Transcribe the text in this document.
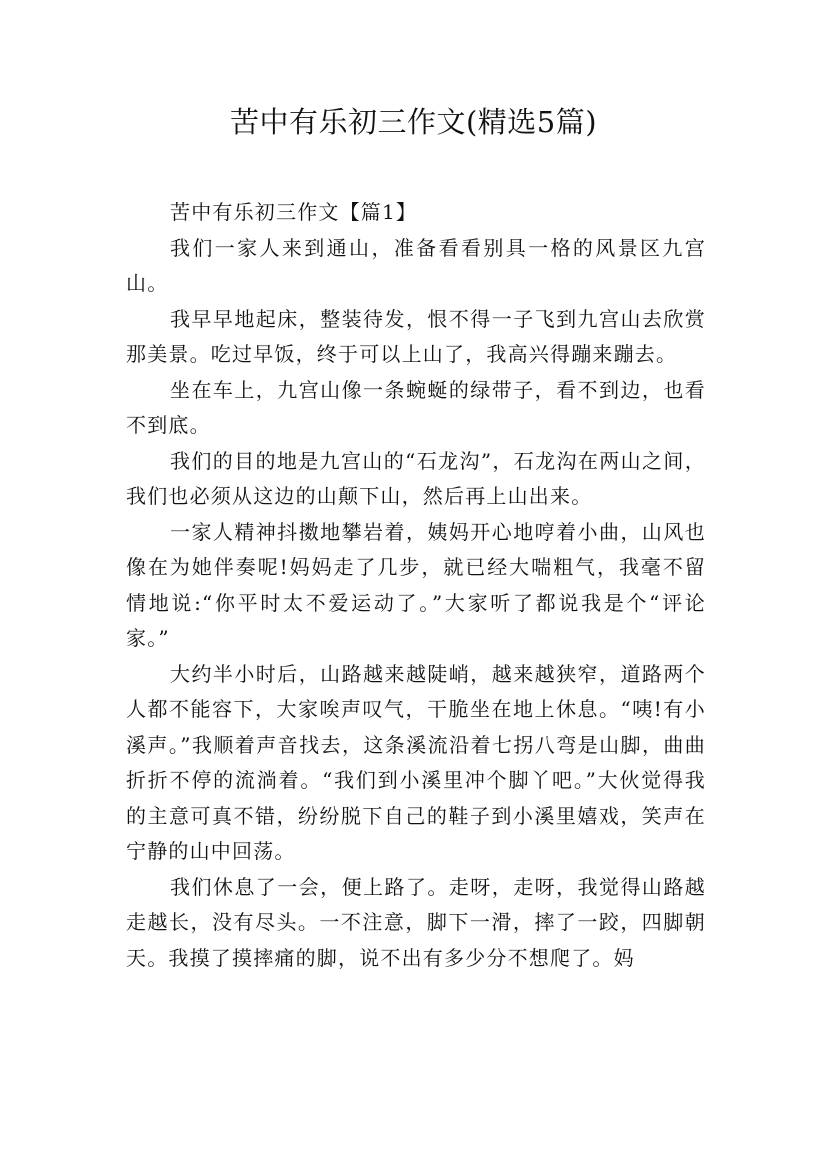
苦中有乐初三作文(精选5篇)

苦中有乐初三作文【篇1】

我们一家人来到通山，准备看看别具一格的风景区九宫山。

我早早地起床，整装待发，恨不得一子飞到九宫山去欣赏那美景。吃过早饭，终于可以上山了，我高兴得蹦来蹦去。

坐在车上，九宫山像一条蜿蜒的绿带子，看不到边，也看不到底。

我们的目的地是九宫山的“石龙沟”，石龙沟在两山之间，我们也必须从这边的山颠下山，然后再上山出来。

一家人精神抖擞地攀岩着，姨妈开心地哼着小曲，山风也像在为她伴奏呢!妈妈走了几步，就已经大喘粗气，我毫不留情地说:“你平时太不爱运动了。”大家听了都说我是个“评论家。”

大约半小时后，山路越来越陡峭，越来越狭窄，道路两个人都不能容下，大家唉声叹气，干脆坐在地上休息。“咦!有小溪声。”我顺着声音找去，这条溪流沿着七拐八弯是山脚，曲曲折折不停的流淌着。“我们到小溪里冲个脚丫吧。”大伙觉得我的主意可真不错，纷纷脱下自己的鞋子到小溪里嬉戏，笑声在宁静的山中回荡。

我们休息了一会，便上路了。走呀，走呀，我觉得山路越走越长，没有尽头。一不注意，脚下一滑，摔了一跤，四脚朝天。我摸了摸摔痛的脚，说不出有多少分不想爬了。妈
